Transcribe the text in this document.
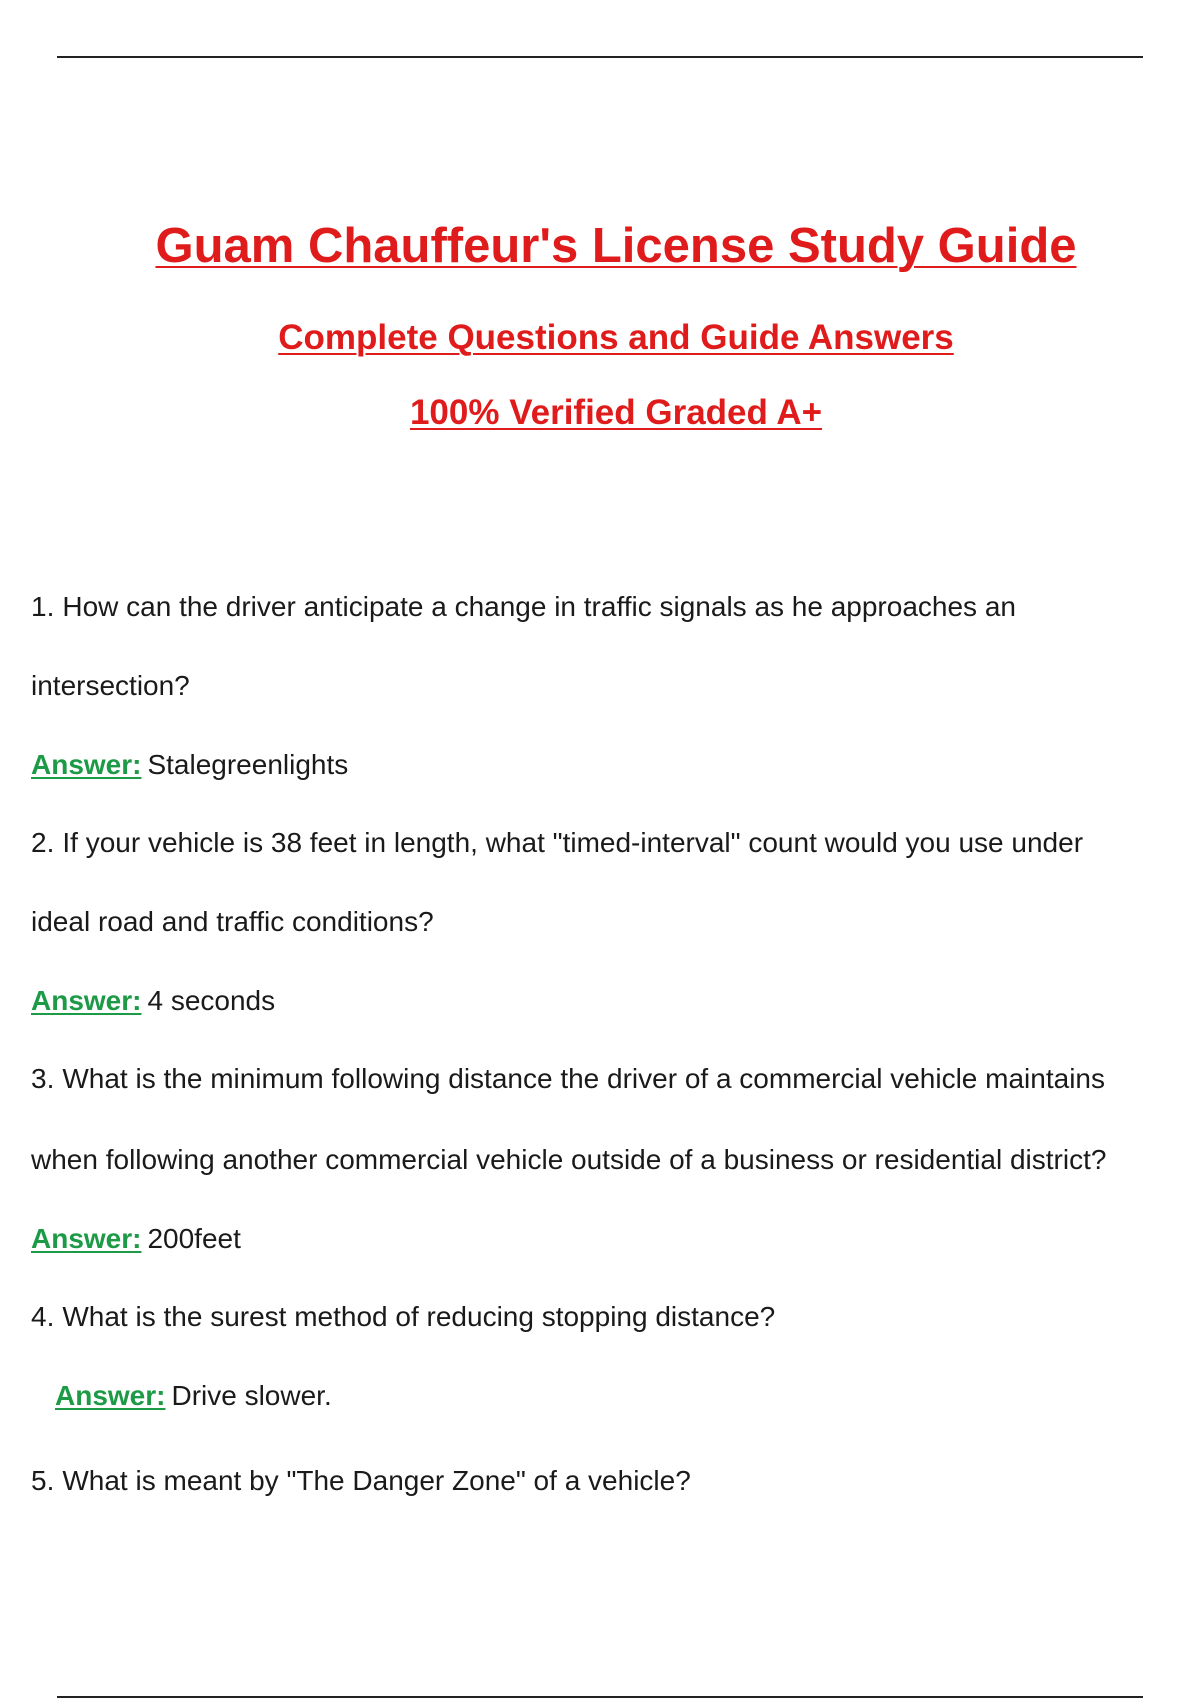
Guam Chauffeur's License Study Guide
Complete Questions and Guide Answers
100% Verified Graded A+
1. How can the driver anticipate a change in traffic signals as he approaches an
intersection?
Answer: Stalegreenlights
2. If your vehicle is 38 feet in length, what "timed-interval" count would you use under
ideal road and traffic conditions?
Answer: 4 seconds
3. What is the minimum following distance the driver of a commercial vehicle maintains
when following another commercial vehicle outside of a business or residential district?
Answer: 200feet
4. What is the surest method of reducing stopping distance?
Answer: Drive slower.
5. What is meant by "The Danger Zone" of a vehicle?
